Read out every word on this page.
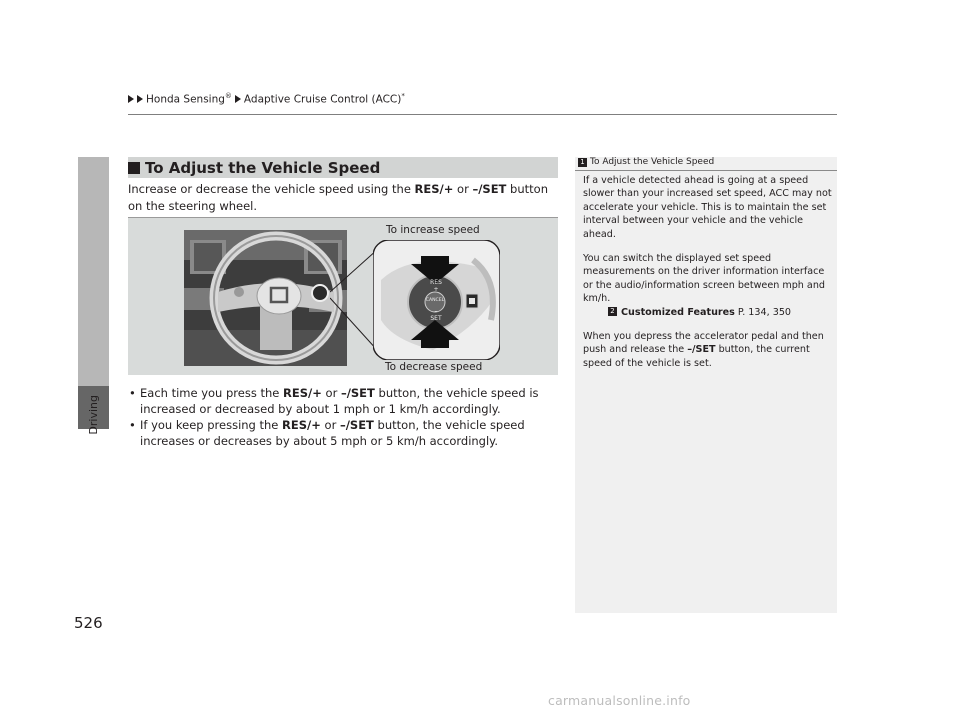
Honda Sensing® Adaptive Cruise Control (ACC)*
Driving
To Adjust the Vehicle Speed
Increase or decrease the vehicle speed using the RES/+ or –/SET button on the steering wheel.
To increase speed
To decrease speed
RES
+
CANCEL
–
SET
• Each time you press the RES/+ or –/SET button, the vehicle speed is increased or decreased by about 1 mph or 1 km/h accordingly.
• If you keep pressing the RES/+ or –/SET button, the vehicle speed increases or decreases by about 5 mph or 5 km/h accordingly.
1 To Adjust the Vehicle Speed

If a vehicle detected ahead is going at a speed slower than your increased set speed, ACC may not accelerate your vehicle. This is to maintain the set interval between your vehicle and the vehicle ahead.

You can switch the displayed set speed measurements on the driver information interface or the audio/information screen between mph and km/h.
2 Customized Features P. 134, 350

When you depress the accelerator pedal and then push and release the –/SET button, the current speed of the vehicle is set.

526
carmanualsonline.info
